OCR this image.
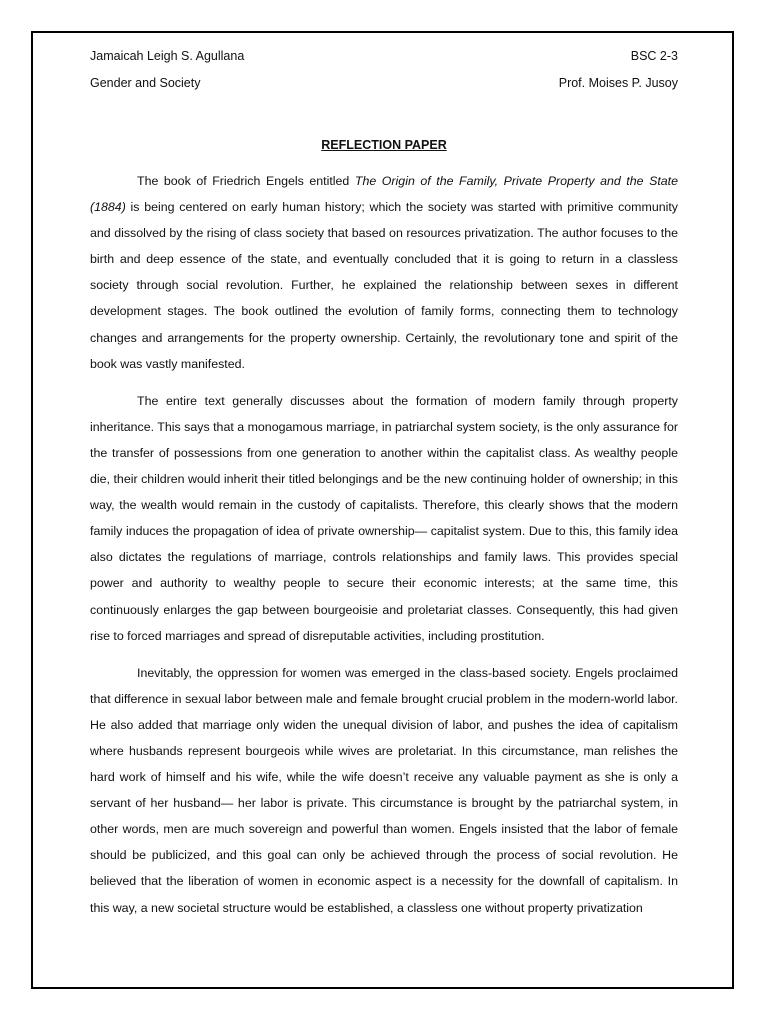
Jamaicah Leigh S. Agullana	BSC 2-3
Gender and Society	Prof. Moises P. Jusoy
REFLECTION PAPER

The book of Friedrich Engels entitled The Origin of the Family, Private Property and the State (1884) is being centered on early human history; which the society was started with primitive community and dissolved by the rising of class society that based on resources privatization. The author focuses to the birth and deep essence of the state, and eventually concluded that it is going to return in a classless society through social revolution. Further, he explained the relationship between sexes in different development stages. The book outlined the evolution of family forms, connecting them to technology changes and arrangements for the property ownership. Certainly, the revolutionary tone and spirit of the book was vastly manifested.

The entire text generally discusses about the formation of modern family through property inheritance. This says that a monogamous marriage, in patriarchal system society, is the only assurance for the transfer of possessions from one generation to another within the capitalist class. As wealthy people die, their children would inherit their titled belongings and be the new continuing holder of ownership; in this way, the wealth would remain in the custody of capitalists. Therefore, this clearly shows that the modern family induces the propagation of idea of private ownership— capitalist system. Due to this, this family idea also dictates the regulations of marriage, controls relationships and family laws. This provides special power and authority to wealthy people to secure their economic interests; at the same time, this continuously enlarges the gap between bourgeoisie and proletariat classes. Consequently, this had given rise to forced marriages and spread of disreputable activities, including prostitution.

Inevitably, the oppression for women was emerged in the class-based society. Engels proclaimed that difference in sexual labor between male and female brought crucial problem in the modern-world labor. He also added that marriage only widen the unequal division of labor, and pushes the idea of capitalism where husbands represent bourgeois while wives are proletariat. In this circumstance, man relishes the hard work of himself and his wife, while the wife doesn’t receive any valuable payment as she is only a servant of her husband— her labor is private. This circumstance is brought by the patriarchal system, in other words, men are much sovereign and powerful than women. Engels insisted that the labor of female should be publicized, and this goal can only be achieved through the process of social revolution. He believed that the liberation of women in economic aspect is a necessity for the downfall of capitalism. In this way, a new societal structure would be established, a classless one without property privatization
